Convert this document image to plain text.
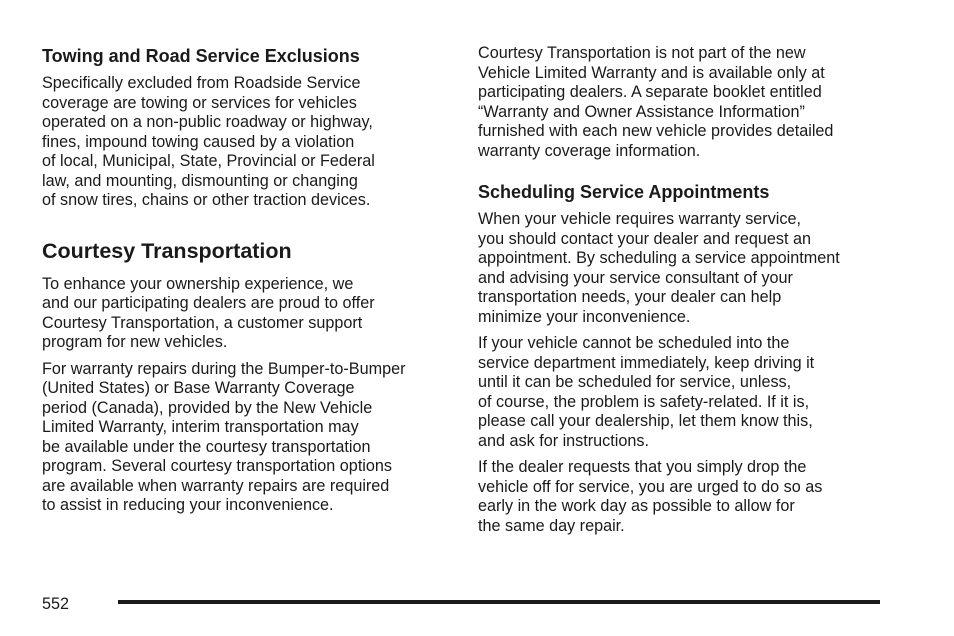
Towing and Road Service Exclusions
Specifically excluded from Roadside Service
coverage are towing or services for vehicles
operated on a non-public roadway or highway,
fines, impound towing caused by a violation
of local, Municipal, State, Provincial or Federal
law, and mounting, dismounting or changing
of snow tires, chains or other traction devices.
Courtesy Transportation
To enhance your ownership experience, we
and our participating dealers are proud to offer
Courtesy Transportation, a customer support
program for new vehicles.
For warranty repairs during the Bumper-to-Bumper
(United States) or Base Warranty Coverage
period (Canada), provided by the New Vehicle
Limited Warranty, interim transportation may
be available under the courtesy transportation
program. Several courtesy transportation options
are available when warranty repairs are required
to assist in reducing your inconvenience.
Courtesy Transportation is not part of the new
Vehicle Limited Warranty and is available only at
participating dealers. A separate booklet entitled
“Warranty and Owner Assistance Information”
furnished with each new vehicle provides detailed
warranty coverage information.
Scheduling Service Appointments
When your vehicle requires warranty service,
you should contact your dealer and request an
appointment. By scheduling a service appointment
and advising your service consultant of your
transportation needs, your dealer can help
minimize your inconvenience.
If your vehicle cannot be scheduled into the
service department immediately, keep driving it
until it can be scheduled for service, unless,
of course, the problem is safety-related. If it is,
please call your dealership, let them know this,
and ask for instructions.
If the dealer requests that you simply drop the
vehicle off for service, you are urged to do so as
early in the work day as possible to allow for
the same day repair.
552
